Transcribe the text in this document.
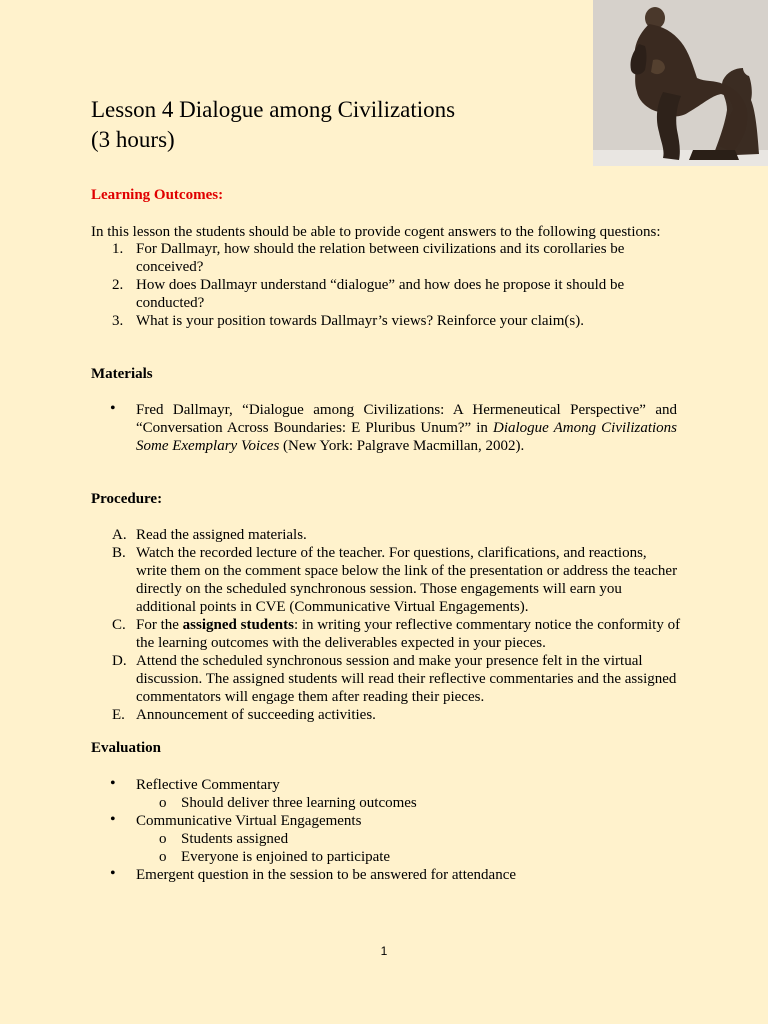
Lesson 4 Dialogue among Civilizations
(3 hours)
Learning Outcomes:

In this lesson the students should be able to provide cogent answers to the following questions:

1. For Dallmayr, how should the relation between civilizations and its corollaries be conceived?
2. How does Dallmayr understand “dialogue” and how does he propose it should be conducted?
3. What is your position towards Dallmayr’s views? Reinforce your claim(s).
Materials

• Fred Dallmayr, “Dialogue among Civilizations: A Hermeneutical Perspective” and “Conversation Across Boundaries: E Pluribus Unum?” in Dialogue Among Civilizations Some Exemplary Voices (New York: Palgrave Macmillan, 2002).

Procedure:
A. Read the assigned materials.
B. Watch the recorded lecture of the teacher. For questions, clarifications, and reactions, write them on the comment space below the link of the presentation or address the teacher directly on the scheduled synchronous session. Those engagements will earn you additional points in CVE (Communicative Virtual Engagements).
C. For the assigned students: in writing your reflective commentary notice the conformity of the learning outcomes with the deliverables expected in your pieces.
D. Attend the scheduled synchronous session and make your presence felt in the virtual discussion. The assigned students will read their reflective commentaries and the assigned commentators will engage them after reading their pieces.
E. Announcement of succeeding activities.
Evaluation
• Reflective Commentary
o Should deliver three learning outcomes
• Communicative Virtual Engagements
o Students assigned
o Everyone is enjoined to participate
• Emergent question in the session to be answered for attendance
1
